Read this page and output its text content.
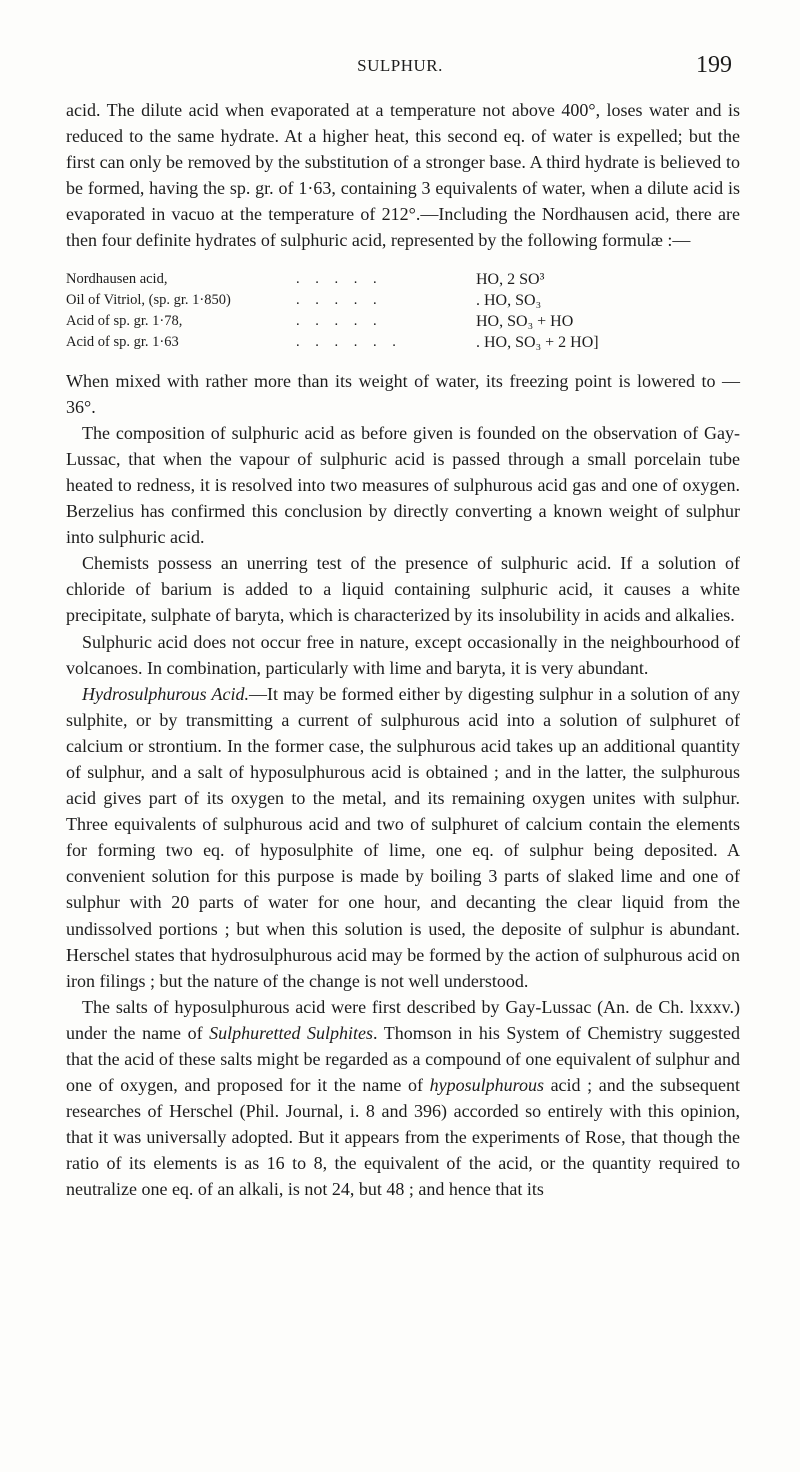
SULPHUR.	199

acid. The dilute acid when evaporated at a temperature not above 400°, loses water and is reduced to the same hydrate. At a higher heat, this second eq. of water is expelled; but the first can only be removed by the substitution of a stronger base. A third hydrate is believed to be formed, having the sp. gr. of 1·63, containing 3 equivalents of water, when a dilute acid is evaporated in vacuo at the temperature of 212°.—Including the Nordhausen acid, there are then four definite hydrates of sulphuric acid, represented by the following formulæ :—

Nordhausen acid,	. . . . .	HO, 2 SO³
Oil of Vitriol, (sp. gr. 1·850)	. . . . .	. HO, SO₃
Acid of sp. gr. 1·78,	. . . . .	HO, SO₃ + HO
Acid of sp. gr. 1·63	. . . . . .	. HO, SO₃ + 2 HO]

When mixed with rather more than its weight of water, its freezing point is lowered to — 36°.

The composition of sulphuric acid as before given is founded on the observation of Gay-Lussac, that when the vapour of sulphuric acid is passed through a small porcelain tube heated to redness, it is resolved into two measures of sulphurous acid gas and one of oxygen. Berzelius has confirmed this conclusion by directly converting a known weight of sulphur into sulphuric acid.

Chemists possess an unerring test of the presence of sulphuric acid. If a solution of chloride of barium is added to a liquid containing sulphuric acid, it causes a white precipitate, sulphate of baryta, which is characterized by its insolubility in acids and alkalies.

Sulphuric acid does not occur free in nature, except occasionally in the neighbourhood of volcanoes. In combination, particularly with lime and baryta, it is very abundant.

Hydrosulphurous Acid.—It may be formed either by digesting sulphur in a solution of any sulphite, or by transmitting a current of sulphurous acid into a solution of sulphuret of calcium or strontium. In the former case, the sulphurous acid takes up an additional quantity of sulphur, and a salt of hyposulphurous acid is obtained ; and in the latter, the sulphurous acid gives part of its oxygen to the metal, and its remaining oxygen unites with sulphur. Three equivalents of sulphurous acid and two of sulphuret of calcium contain the elements for forming two eq. of hyposulphite of lime, one eq. of sulphur being deposited. A convenient solution for this purpose is made by boiling 3 parts of slaked lime and one of sulphur with 20 parts of water for one hour, and decanting the clear liquid from the undissolved portions ; but when this solution is used, the deposite of sulphur is abundant. Herschel states that hydrosulphurous acid may be formed by the action of sulphurous acid on iron filings ; but the nature of the change is not well understood.

The salts of hyposulphurous acid were first described by Gay-Lussac (An. de Ch. lxxxv.) under the name of Sulphuretted Sulphites. Thomson in his System of Chemistry suggested that the acid of these salts might be regarded as a compound of one equivalent of sulphur and one of oxygen, and proposed for it the name of hyposulphurous acid ; and the subsequent researches of Herschel (Phil. Journal, i. 8 and 396) accorded so entirely with this opinion, that it was universally adopted. But it appears from the experiments of Rose, that though the ratio of its elements is as 16 to 8, the equivalent of the acid, or the quantity required to neutralize one eq. of an alkali, is not 24, but 48 ; and hence that its
